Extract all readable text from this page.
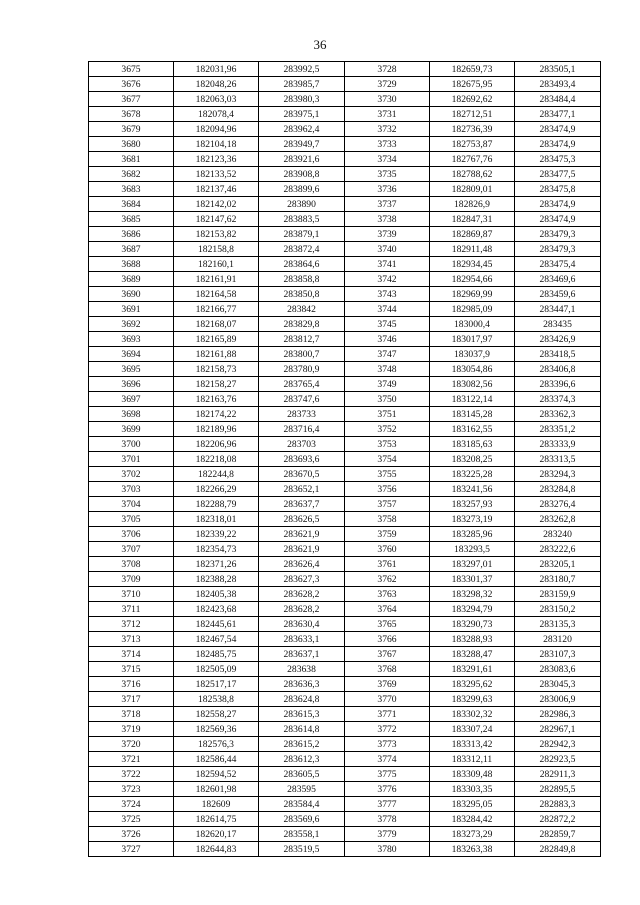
36
3675	182031,96	283992,5	3728	182659,73	283505,1
3676	182048,26	283985,7	3729	182675,95	283493,4
3677	182063,03	283980,3	3730	182692,62	283484,4
3678	182078,4	283975,1	3731	182712,51	283477,1
3679	182094,96	283962,4	3732	182736,39	283474,9
3680	182104,18	283949,7	3733	182753,87	283474,9
3681	182123,36	283921,6	3734	182767,76	283475,3
3682	182133,52	283908,8	3735	182788,62	283477,5
3683	182137,46	283899,6	3736	182809,01	283475,8
3684	182142,02	283890	3737	182826,9	283474,9
3685	182147,62	283883,5	3738	182847,31	283474,9
3686	182153,82	283879,1	3739	182869,87	283479,3
3687	182158,8	283872,4	3740	182911,48	283479,3
3688	182160,1	283864,6	3741	182934,45	283475,4
3689	182161,91	283858,8	3742	182954,66	283469,6
3690	182164,58	283850,8	3743	182969,99	283459,6
3691	182166,77	283842	3744	182985,09	283447,1
3692	182168,07	283829,8	3745	183000,4	283435
3693	182165,89	283812,7	3746	183017,97	283426,9
3694	182161,88	283800,7	3747	183037,9	283418,5
3695	182158,73	283780,9	3748	183054,86	283406,8
3696	182158,27	283765,4	3749	183082,56	283396,6
3697	182163,76	283747,6	3750	183122,14	283374,3
3698	182174,22	283733	3751	183145,28	283362,3
3699	182189,96	283716,4	3752	183162,55	283351,2
3700	182206,96	283703	3753	183185,63	283333,9
3701	182218,08	283693,6	3754	183208,25	283313,5
3702	182244,8	283670,5	3755	183225,28	283294,3
3703	182266,29	283652,1	3756	183241,56	283284,8
3704	182288,79	283637,7	3757	183257,93	283276,4
3705	182318,01	283626,5	3758	183273,19	283262,8
3706	182339,22	283621,9	3759	183285,96	283240
3707	182354,73	283621,9	3760	183293,5	283222,6
3708	182371,26	283626,4	3761	183297,01	283205,1
3709	182388,28	283627,3	3762	183301,37	283180,7
3710	182405,38	283628,2	3763	183298,32	283159,9
3711	182423,68	283628,2	3764	183294,79	283150,2
3712	182445,61	283630,4	3765	183290,73	283135,3
3713	182467,54	283633,1	3766	183288,93	283120
3714	182485,75	283637,1	3767	183288,47	283107,3
3715	182505,09	283638	3768	183291,61	283083,6
3716	182517,17	283636,3	3769	183295,62	283045,3
3717	182538,8	283624,8	3770	183299,63	283006,9
3718	182558,27	283615,3	3771	183302,32	282986,3
3719	182569,36	283614,8	3772	183307,24	282967,1
3720	182576,3	283615,2	3773	183313,42	282942,3
3721	182586,44	283612,3	3774	183312,11	282923,5
3722	182594,52	283605,5	3775	183309,48	282911,3
3723	182601,98	283595	3776	183303,35	282895,5
3724	182609	283584,4	3777	183295,05	282883,3
3725	182614,75	283569,6	3778	183284,42	282872,2
3726	182620,17	283558,1	3779	183273,29	282859,7
3727	182644,83	283519,5	3780	183263,38	282849,8
